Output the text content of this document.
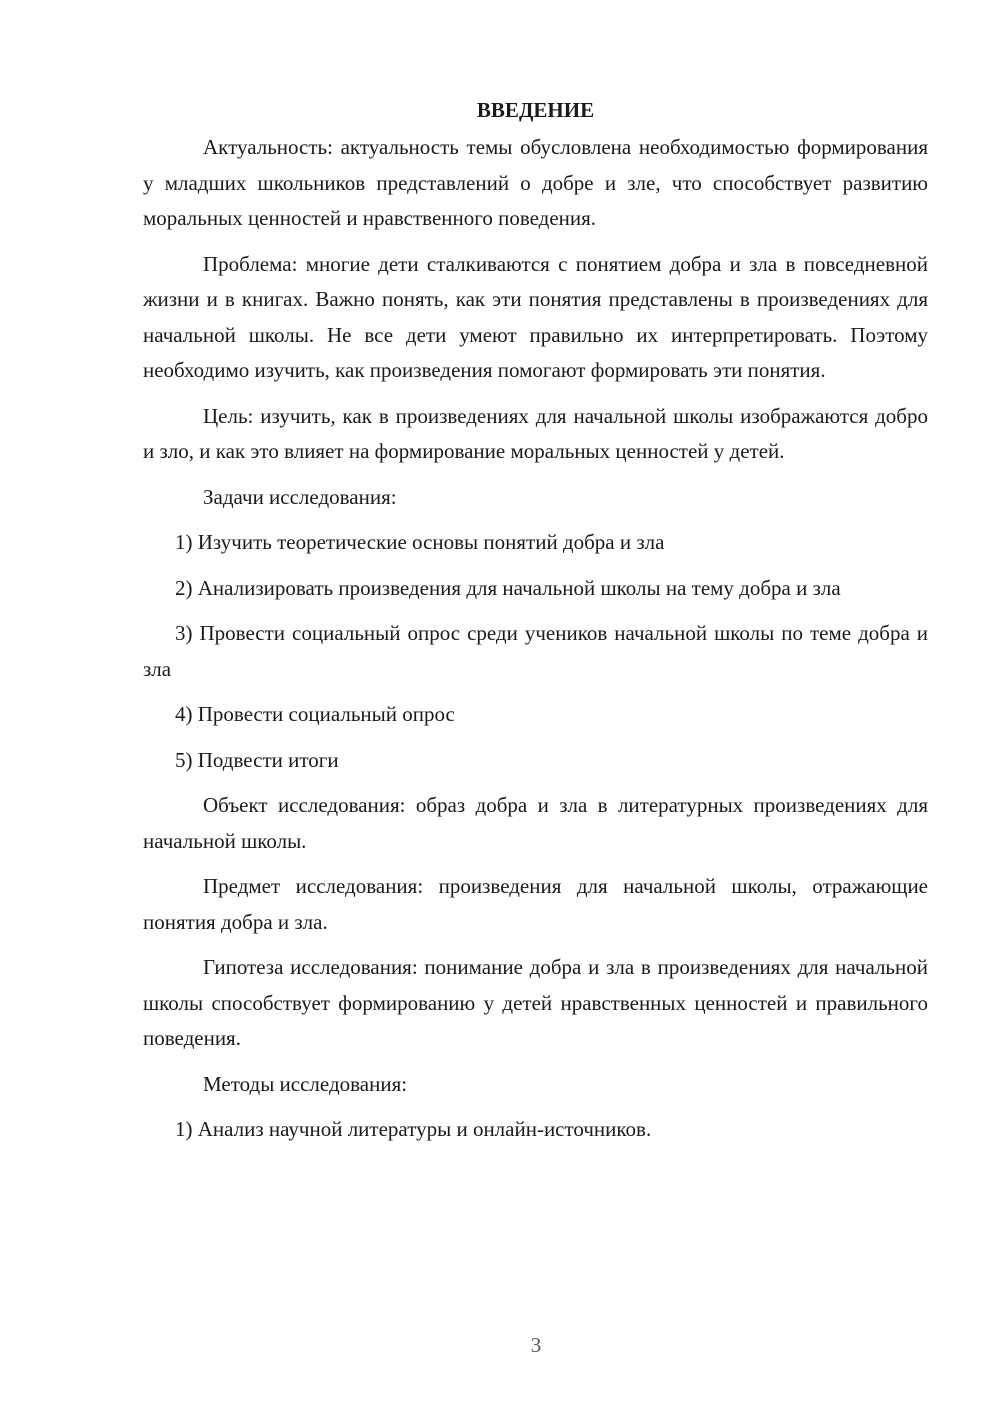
ВВЕДЕНИЕ

Актуальность: актуальность темы обусловлена необходимостью формирования у младших школьников представлений о добре и зле, что способствует развитию моральных ценностей и нравственного поведения.

Проблема: многие дети сталкиваются с понятием добра и зла в повседневной жизни и в книгах. Важно понять, как эти понятия представлены в произведениях для начальной школы. Не все дети умеют правильно их интерпретировать. Поэтому необходимо изучить, как произведения помогают формировать эти понятия.

Цель: изучить, как в произведениях для начальной школы изображаются добро и зло, и как это влияет на формирование моральных ценностей у детей.

Задачи исследования:

1) Изучить теоретические основы понятий добра и зла

2) Анализировать произведения для начальной школы на тему добра и зла

3) Провести социальный опрос среди учеников начальной школы по теме добра и зла

4) Провести социальный опрос

5) Подвести итоги

Объект исследования: образ добра и зла в литературных произведениях для начальной школы.

Предмет исследования: произведения для начальной школы, отражающие понятия добра и зла.

Гипотеза исследования: понимание добра и зла в произведениях для начальной школы способствует формированию у детей нравственных ценностей и правильного поведения.

Методы исследования:

1) Анализ научной литературы и онлайн-источников.

3
